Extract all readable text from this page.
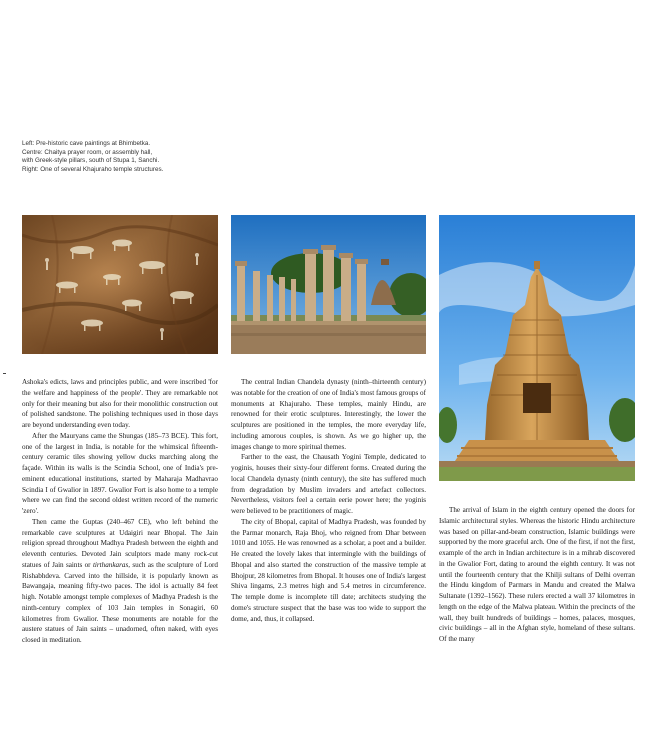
Left: Pre-historic cave paintings at Bhimbetka.
Centre: Chaitya prayer room, or assembly hall,
with Greek-style pillars, south of Stupa 1, Sanchi.
Right: One of several Khajuraho temple structures.

Ashoka's edicts, laws and principles public, and were inscribed 'for the welfare and happiness of the people'. They are remarkable not only for their meaning but also for their monolithic construction out of polished sandstone. The polishing techniques used in those days are beyond understanding even today.

After the Mauryans came the Shungas (185–73 BCE). This fort, one of the largest in India, is notable for the whimsical fifteenth-century ceramic tiles showing yellow ducks marching along the façade. Within its walls is the Scindia School, one of India's pre-eminent educational institutions, started by Maharaja Madhavrao Scindia I of Gwalior in 1897. Gwalior Fort is also home to a temple where we can find the second oldest written record of the numeric 'zero'.

Then came the Guptas (240–467 CE), who left behind the remarkable cave sculptures at Udaigiri near Bhopal. The Jain religion spread throughout Madhya Pradesh between the eighth and eleventh centuries. Devoted Jain sculptors made many rock-cut statues of Jain saints or tirthankaras, such as the sculpture of Lord Rishabhdeva. Carved into the hillside, it is popularly known as Bawangaja, meaning fifty-two paces. The idol is actually 84 feet high. Notable amongst temple complexes of Madhya Pradesh is the ninth-century complex of 103 Jain temples in Sonagiri, 60 kilometres from Gwalior. These monuments are notable for the austere statues of Jain saints – unadorned, often naked, with eyes closed in meditation.

The central Indian Chandela dynasty (ninth–thirteenth century) was notable for the creation of one of India's most famous groups of monuments at Khajuraho. These temples, mainly Hindu, are renowned for their erotic sculptures. Interestingly, the lower the sculptures are positioned in the temples, the more everyday life, including amorous couples, is shown. As we go higher up, the images change to more spiritual themes.

Farther to the east, the Chausath Yogini Temple, dedicated to yoginis, houses their sixty-four different forms. Created during the local Chandela dynasty (ninth century), the site has suffered much from degradation by Muslim invaders and artefact collectors. Nevertheless, visitors feel a certain eerie power here; the yoginis were believed to be practitioners of magic.

The city of Bhopal, capital of Madhya Pradesh, was founded by the Parmar monarch, Raja Bhoj, who reigned from Dhar between 1010 and 1055. He was renowned as a scholar, a poet and a builder. He created the lovely lakes that intermingle with the buildings of Bhopal and also started the construction of the massive temple at Bhojpur, 28 kilometres from Bhopal. It houses one of India's largest Shiva lingams, 2.3 metres high and 5.4 metres in circumference. The temple dome is incomplete till date; architects studying the dome's structure suspect that the base was too wide to support the dome, and, thus, it collapsed.

The arrival of Islam in the eighth century opened the doors for Islamic architectural styles. Whereas the historic Hindu architecture was based on pillar-and-beam construction, Islamic buildings were supported by the more graceful arch. One of the first, if not the first, example of the arch in Indian architecture is in a mihrab discovered in the Gwalior Fort, dating to around the eighth century. It was not until the fourteenth century that the Khilji sultans of Delhi overran the Hindu kingdom of Parmars in Mandu and created the Malwa Sultanate (1392–1562). These rulers erected a wall 37 kilometres in length on the edge of the Malwa plateau. Within the precincts of the wall, they built hundreds of buildings – homes, palaces, mosques, civic buildings – all in the Afghan style, homeland of these sultans. Of the many
